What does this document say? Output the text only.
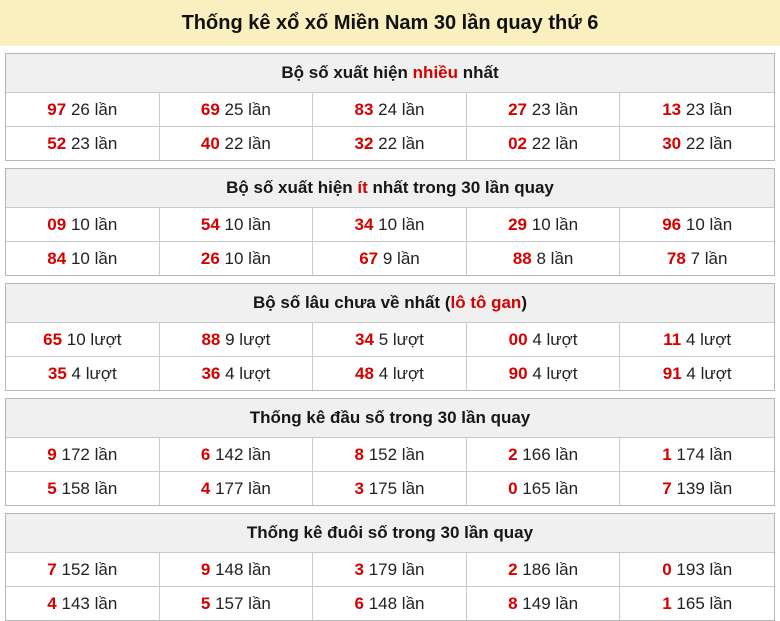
Thống kê xổ xố Miền Nam 30 lần quay thứ 6
Bộ số xuất hiện nhiều nhất
97 26 lần	69 25 lần	83 24 lần	27 23 lần	13 23 lần
52 23 lần	40 22 lần	32 22 lần	02 22 lần	30 22 lần
Bộ số xuất hiện ít nhất trong 30 lần quay
09 10 lần	54 10 lần	34 10 lần	29 10 lần	96 10 lần
84 10 lần	26 10 lần	67 9 lần	88 8 lần	78 7 lần
Bộ số lâu chưa về nhất (lô tô gan)
65 10 lượt	88 9 lượt	34 5 lượt	00 4 lượt	11 4 lượt
35 4 lượt	36 4 lượt	48 4 lượt	90 4 lượt	91 4 lượt
Thống kê đầu số trong 30 lần quay
9 172 lần	6 142 lần	8 152 lần	2 166 lần	1 174 lần
5 158 lần	4 177 lần	3 175 lần	0 165 lần	7 139 lần
Thống kê đuôi số trong 30 lần quay
7 152 lần	9 148 lần	3 179 lần	2 186 lần	0 193 lần
4 143 lần	5 157 lần	6 148 lần	8 149 lần	1 165 lần
